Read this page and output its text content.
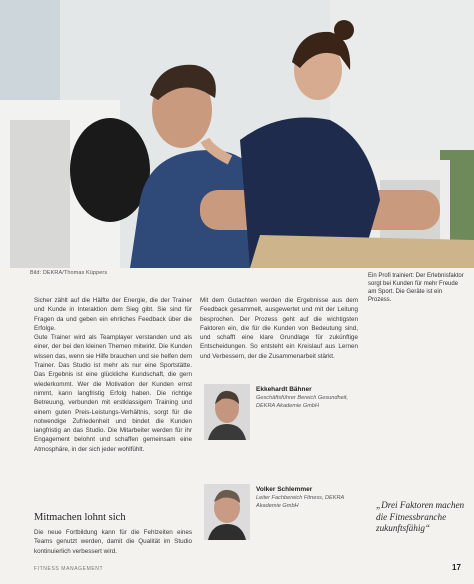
Bild: DEKRA/Thomas Küppers	Ein Profi trainiert: Der Erlebnisfaktor sorgt bei Kunden für mehr Freude am Sport. Die Geräte ist ein Prozess.

Sicher zählt auf die Hälfte der Energie, die der Trainer und Kunde in Interaktion dem Sieg gibt. Sie sind für Fragen da und geben ein ehrliches Feedback über die Erfolge.

Gute Trainer wird als Teamplayer verstanden und als einer, der bei den kleinen Themen mitwirkt. Die Kunden wissen das, wenn sie Hilfe brauchen und sie helfen dem Trainer. Das Studio ist mehr als nur eine Sportstätte. Das Ergebnis ist eine glückliche Kundschaft, die gern wiederkommt. Wer die Motivation der Kunden ernst nimmt, kann langfristig Erfolg haben. Die richtige Betreuung, verbunden mit erstklassigem Training und einem guten Preis-Leistungs-Verhältnis, sorgt für die notwendige Zufriedenheit und bindet die Kunden langfristig an das Studio. Die Mitarbeiter werden für ihr Engagement belohnt und schaffen gemeinsam eine Atmosphäre, in der sich jeder wohlfühlt.

Mitmachen lohnt sich

Die neue Fortbildung kann für die Fehlzeiten eines Teams genutzt werden, damit die Qualität im Studio kontinuierlich verbessert wird.

Mit dem Gutachten werden die Ergebnisse aus dem Feedback gesammelt, ausgewertet und mit der Leitung besprochen. Der Prozess geht auf die wichtigsten Faktoren ein, die für die Kunden von Bedeutung sind, und schafft eine klare Grundlage für zukünftige Entscheidungen. So entsteht ein Kreislauf aus Lernen und Verbessern, der die Zusammenarbeit stärkt.

Ekkehardt Bähner
Geschäftsführer Bereich Gesundheit, DEKRA Akademie GmbH
Volker Schlemmer
Leiter Fachbereich Fitness, DEKRA Akademie GmbH	„Drei Faktoren machen die Fitnessbranche zukunftsfähig“
FITNESS MANAGEMENT	17
